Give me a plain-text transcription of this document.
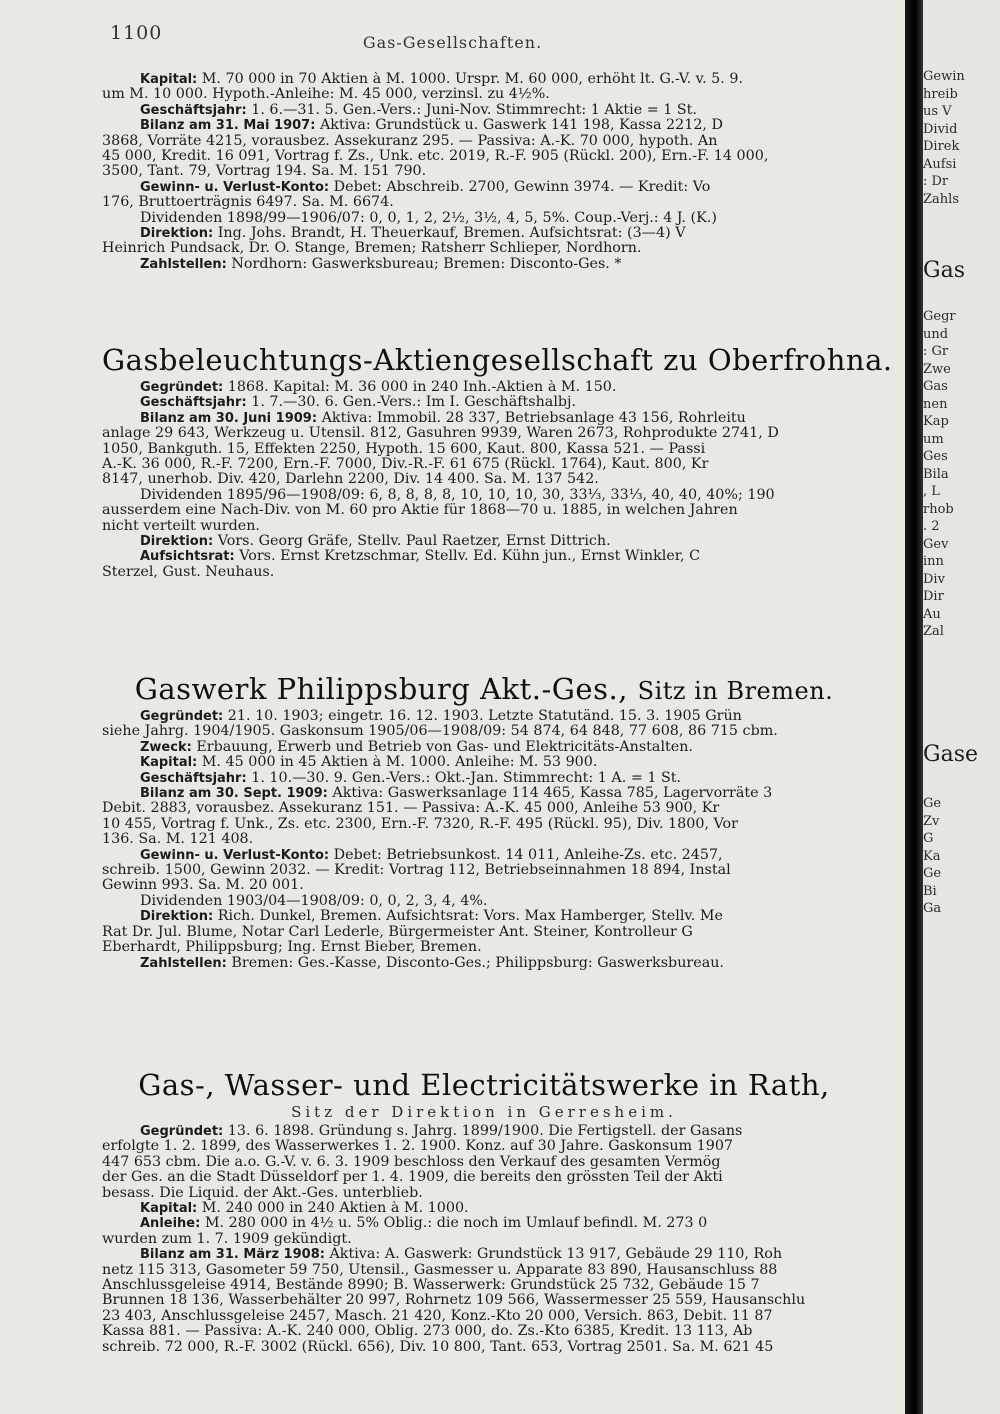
1100	Gas-Gesellschaften.
Kapital: M. 70 000 in 70 Aktien à M. 1000. Urspr. M. 60 000, erhöht lt. G.-V. v. 5. 9.
um M. 10 000. Hypoth.-Anleihe: M. 45 000, verzinsl. zu 4½%.
Geschäftsjahr: 1. 6.—31. 5. Gen.-Vers.: Juni-Nov. Stimmrecht: 1 Aktie = 1 St.
Bilanz am 31. Mai 1907: Aktiva: Grundstück u. Gaswerk 141 198, Kassa 2212, D
3868, Vorräte 4215, vorausbez. Assekuranz 295. — Passiva: A.-K. 70 000, hypoth. An
45 000, Kredit. 16 091, Vortrag f. Zs., Unk. etc. 2019, R.-F. 905 (Rückl. 200), Ern.-F. 14 000,
3500, Tant. 79, Vortrag 194. Sa. M. 151 790.
Gewinn- u. Verlust-Konto: Debet: Abschreib. 2700, Gewinn 3974. — Kredit: Vo
176, Bruttoerträgnis 6497. Sa. M. 6674.
Dividenden 1898/99—1906/07: 0, 0, 1, 2, 2½, 3½, 4, 5, 5%. Coup.-Verj.: 4 J. (K.)
Direktion: Ing. Johs. Brandt, H. Theuerkauf, Bremen. Aufsichtsrat: (3—4) V
Heinrich Pundsack, Dr. O. Stange, Bremen; Ratsherr Schlieper, Nordhorn.
Zahlstellen: Nordhorn: Gaswerksbureau; Bremen: Disconto-Ges. *
Gasbeleuchtungs-Aktiengesellschaft zu Oberfrohna.
Gegründet: 1868. Kapital: M. 36 000 in 240 Inh.-Aktien à M. 150.
Geschäftsjahr: 1. 7.—30. 6. Gen.-Vers.: Im I. Geschäftshalbj.
Bilanz am 30. Juni 1909: Aktiva: Immobil. 28 337, Betriebsanlage 43 156, Rohrleitu
anlage 29 643, Werkzeug u. Utensil. 812, Gasuhren 9939, Waren 2673, Rohprodukte 2741, D
1050, Bankguth. 15, Effekten 2250, Hypoth. 15 600, Kaut. 800, Kassa 521. — Passi
A.-K. 36 000, R.-F. 7200, Ern.-F. 7000, Div.-R.-F. 61 675 (Rückl. 1764), Kaut. 800, Kr
8147, unerhob. Div. 420, Darlehn 2200, Div. 14 400. Sa. M. 137 542.
Dividenden 1895/96—1908/09: 6, 8, 8, 8, 8, 10, 10, 10, 30, 33⅓, 33⅓, 40, 40, 40%; 190
ausserdem eine Nach-Div. von M. 60 pro Aktie für 1868—70 u. 1885, in welchen Jahren
nicht verteilt wurden.
Direktion: Vors. Georg Gräfe, Stellv. Paul Raetzer, Ernst Dittrich.
Aufsichtsrat: Vors. Ernst Kretzschmar, Stellv. Ed. Kühn jun., Ernst Winkler, C
Sterzel, Gust. Neuhaus.
Gaswerk Philippsburg Akt.-Ges., Sitz in Bremen.
Gegründet: 21. 10. 1903; eingetr. 16. 12. 1903. Letzte Statutänd. 15. 3. 1905 Grün
siehe Jahrg. 1904/1905. Gaskonsum 1905/06—1908/09: 54 874, 64 848, 77 608, 86 715 cbm.
Zweck: Erbauung, Erwerb und Betrieb von Gas- und Elektricitäts-Anstalten.
Kapital: M. 45 000 in 45 Aktien à M. 1000. Anleihe: M. 53 900.
Geschäftsjahr: 1. 10.—30. 9. Gen.-Vers.: Okt.-Jan. Stimmrecht: 1 A. = 1 St.
Bilanz am 30. Sept. 1909: Aktiva: Gaswerksanlage 114 465, Kassa 785, Lagervorräte 3
Debit. 2883, vorausbez. Assekuranz 151. — Passiva: A.-K. 45 000, Anleihe 53 900, Kr
10 455, Vortrag f. Unk., Zs. etc. 2300, Ern.-F. 7320, R.-F. 495 (Rückl. 95), Div. 1800, Vor
136. Sa. M. 121 408.
Gewinn- u. Verlust-Konto: Debet: Betriebsunkost. 14 011, Anleihe-Zs. etc. 2457,
schreib. 1500, Gewinn 2032. — Kredit: Vortrag 112, Betriebseinnahmen 18 894, Instal
Gewinn 993. Sa. M. 20 001.
Dividenden 1903/04—1908/09: 0, 0, 2, 3, 4, 4%.
Direktion: Rich. Dunkel, Bremen. Aufsichtsrat: Vors. Max Hamberger, Stellv. Me
Rat Dr. Jul. Blume, Notar Carl Lederle, Bürgermeister Ant. Steiner, Kontrolleur G
Eberhardt, Philippsburg; Ing. Ernst Bieber, Bremen.
Zahlstellen: Bremen: Ges.-Kasse, Disconto-Ges.; Philippsburg: Gaswerksbureau.
Gas-, Wasser- und Electricitätswerke in Rath,
Sitz der Direktion in Gerresheim.
Gegründet: 13. 6. 1898. Gründung s. Jahrg. 1899/1900. Die Fertigstell. der Gasans
erfolgte 1. 2. 1899, des Wasserwerkes 1. 2. 1900. Konz. auf 30 Jahre. Gaskonsum 1907
447 653 cbm. Die a.o. G.-V. v. 6. 3. 1909 beschloss den Verkauf des gesamten Vermög
der Ges. an die Stadt Düsseldorf per 1. 4. 1909, die bereits den grössten Teil der Akti
besass. Die Liquid. der Akt.-Ges. unterblieb.
Kapital: M. 240 000 in 240 Aktien à M. 1000.
Anleihe: M. 280 000 in 4½ u. 5% Oblig.: die noch im Umlauf befindl. M. 273 0
wurden zum 1. 7. 1909 gekündigt.
Bilanz am 31. März 1908: Aktiva: A. Gaswerk: Grundstück 13 917, Gebäude 29 110, Roh
netz 115 313, Gasometer 59 750, Utensil., Gasmesser u. Apparate 83 890, Hausanschluss 88
Anschlussgeleise 4914, Bestände 8990; B. Wasserwerk: Grundstück 25 732, Gebäude 15 7
Brunnen 18 136, Wasserbehälter 20 997, Rohrnetz 109 566, Wassermesser 25 559, Hausanschlu
23 403, Anschlussgeleise 2457, Masch. 21 420, Konz.-Kto 20 000, Versich. 863, Debit. 11 87
Kassa 881. — Passiva: A.-K. 240 000, Oblig. 273 000, do. Zs.-Kto 6385, Kredit. 13 113, Ab
schreib. 72 000, R.-F. 3002 (Rückl. 656), Div. 10 800, Tant. 653, Vortrag 2501. Sa. M. 621 45
Gewin
hreib
us V
Divid
Direk
Aufsi
: Dr
Zahls
Gas
Gegr
und
: Gr
Zwe
Gas
nen
Kap
um
Ges
Bila
, L
rhob
. 2
Gev
inn
Div
Dir
Au
Zal
Gase
Ge
Zv
G
Ka
Ge
Bi
Ga
